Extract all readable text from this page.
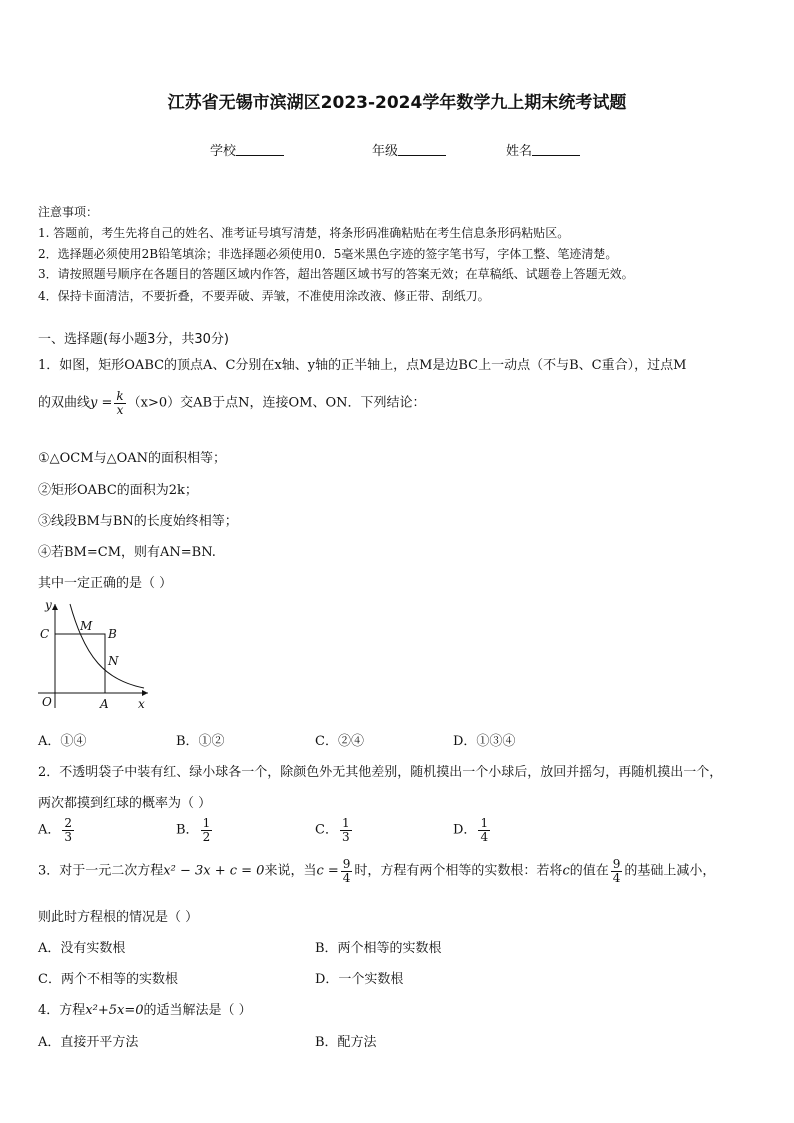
江苏省无锡市滨湖区2023-2024学年数学九上期末统考试题
学校	年级	姓名
注意事项：
1. 答题前，考生先将自己的姓名、准考证号填写清楚，将条形码准确粘贴在考生信息条形码粘贴区。
2．选择题必须使用2B铅笔填涂；非选择题必须使用0．5毫米黑色字迹的签字笔书写，字体工整、笔迹清楚。
3．请按照题号顺序在各题目的答题区域内作答，超出答题区域书写的答案无效；在草稿纸、试题卷上答题无效。
4．保持卡面清洁，不要折叠，不要弄破、弄皱，不准使用涂改液、修正带、刮纸刀。
一、选择题(每小题3分，共30分)
1．如图，矩形OABC的顶点A、C分别在x轴、y轴的正半轴上，点M是边BC上一动点（不与B、C重合），过点M
的双曲线$y = \frac{k}{x} (x>0)$交AB于点N，连接OM、ON．下列结论：
①△OCM与△OAN的面积相等；
②矩形OABC的面积为2k；
③线段BM与BN的长度始终相等；
④若BM=CM，则有AN=BN.
其中一定正确的是（ ）
y
C
M
B
N
O	A x
A．①④	B．①②	C．②④	D．①③④
2．不透明袋子中装有红、绿小球各一个，除颜色外无其他差别，随机摸出一个小球后，放回并摇匀，再随机摸出一个，
两次都摸到红球的概率为（ ）
A． $\frac{2}{3}$	B． $\frac{1}{2}$	C． $\frac{1}{3}$	D． $\frac{1}{4}$
3．对于一元二次方程x² − 3x + c = 0来说，当$c = \frac{9}{4}$ 时，方程有两个相等的实数根：若将c的值在 $\frac{9}{4}$ 的基础上减小，
则此时方程根的情况是（ ）
A．没有实数根	B．两个相等的实数根
C．两个不相等的实数根	D．一个实数根
4．方程x²+5x=0的适当解法是（ ）
A．直接开平方法	B．配方法
